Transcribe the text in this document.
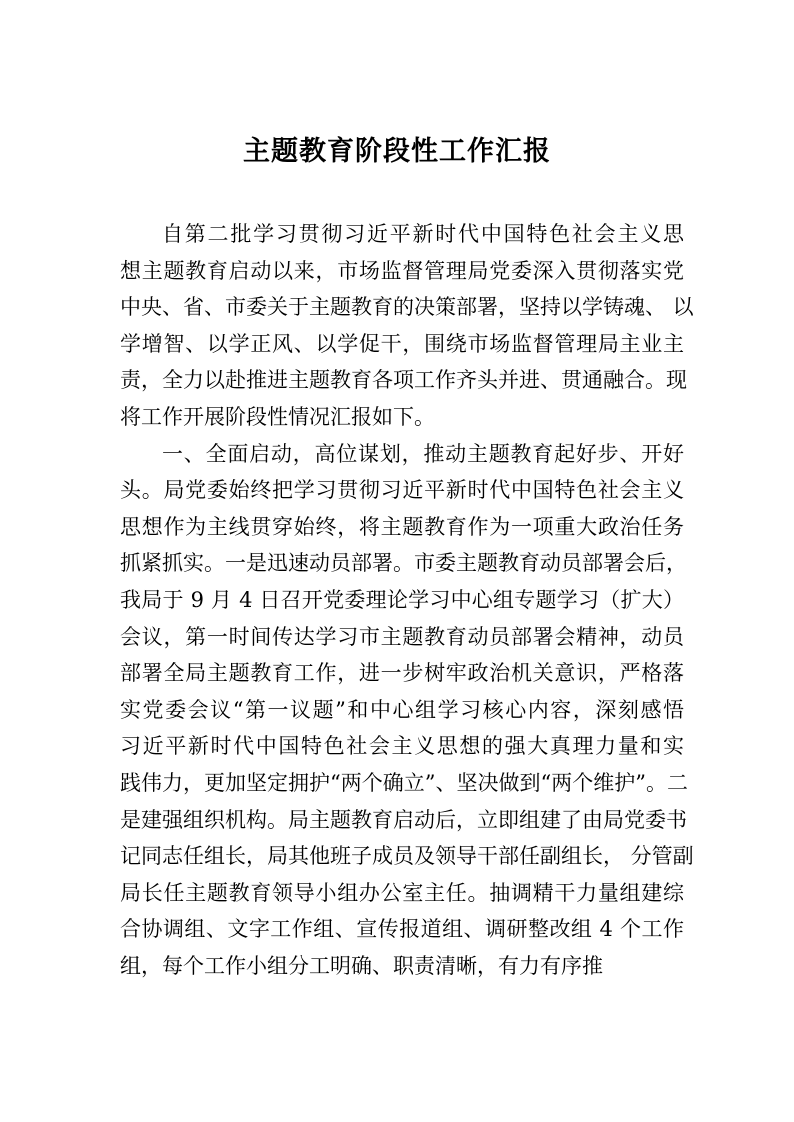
主题教育阶段性工作汇报
自第二批学习贯彻习近平新时代中国特色社会主义思
想主题教育启动以来，市场监督管理局党委深入贯彻落实党
中央、省、市委关于主题教育的决策部署，坚持以学铸魂、 以
学增智、以学正风、以学促干，围绕市场监督管理局主业主
责，全力以赴推进主题教育各项工作齐头并进、贯通融合。现
将工作开展阶段性情况汇报如下。
一、全面启动，高位谋划，推动主题教育起好步、开好
头。局党委始终把学习贯彻习近平新时代中国特色社会主义
思想作为主线贯穿始终，将主题教育作为一项重大政治任务
抓紧抓实。一是迅速动员部署。市委主题教育动员部署会后，
我局于 9 月 4 日召开党委理论学习中心组专题学习（扩大）
会议，第一时间传达学习市主题教育动员部署会精神，动员
部署全局主题教育工作，进一步树牢政治机关意识，严格落
实党委会议“第一议题”和中心组学习核心内容，深刻感悟
习近平新时代中国特色社会主义思想的强大真理力量和实
践伟力，更加坚定拥护“两个确立”、坚决做到“两个维护”。二
是建强组织机构。局主题教育启动后，立即组建了由局党委书
记同志任组长，局其他班子成员及领导干部任副组长， 分管副
局长任主题教育领导小组办公室主任。抽调精干力量组建综
合协调组、文字工作组、宣传报道组、调研整改组 4 个工作
组，每个工作小组分工明确、职责清晰，有力有序推
